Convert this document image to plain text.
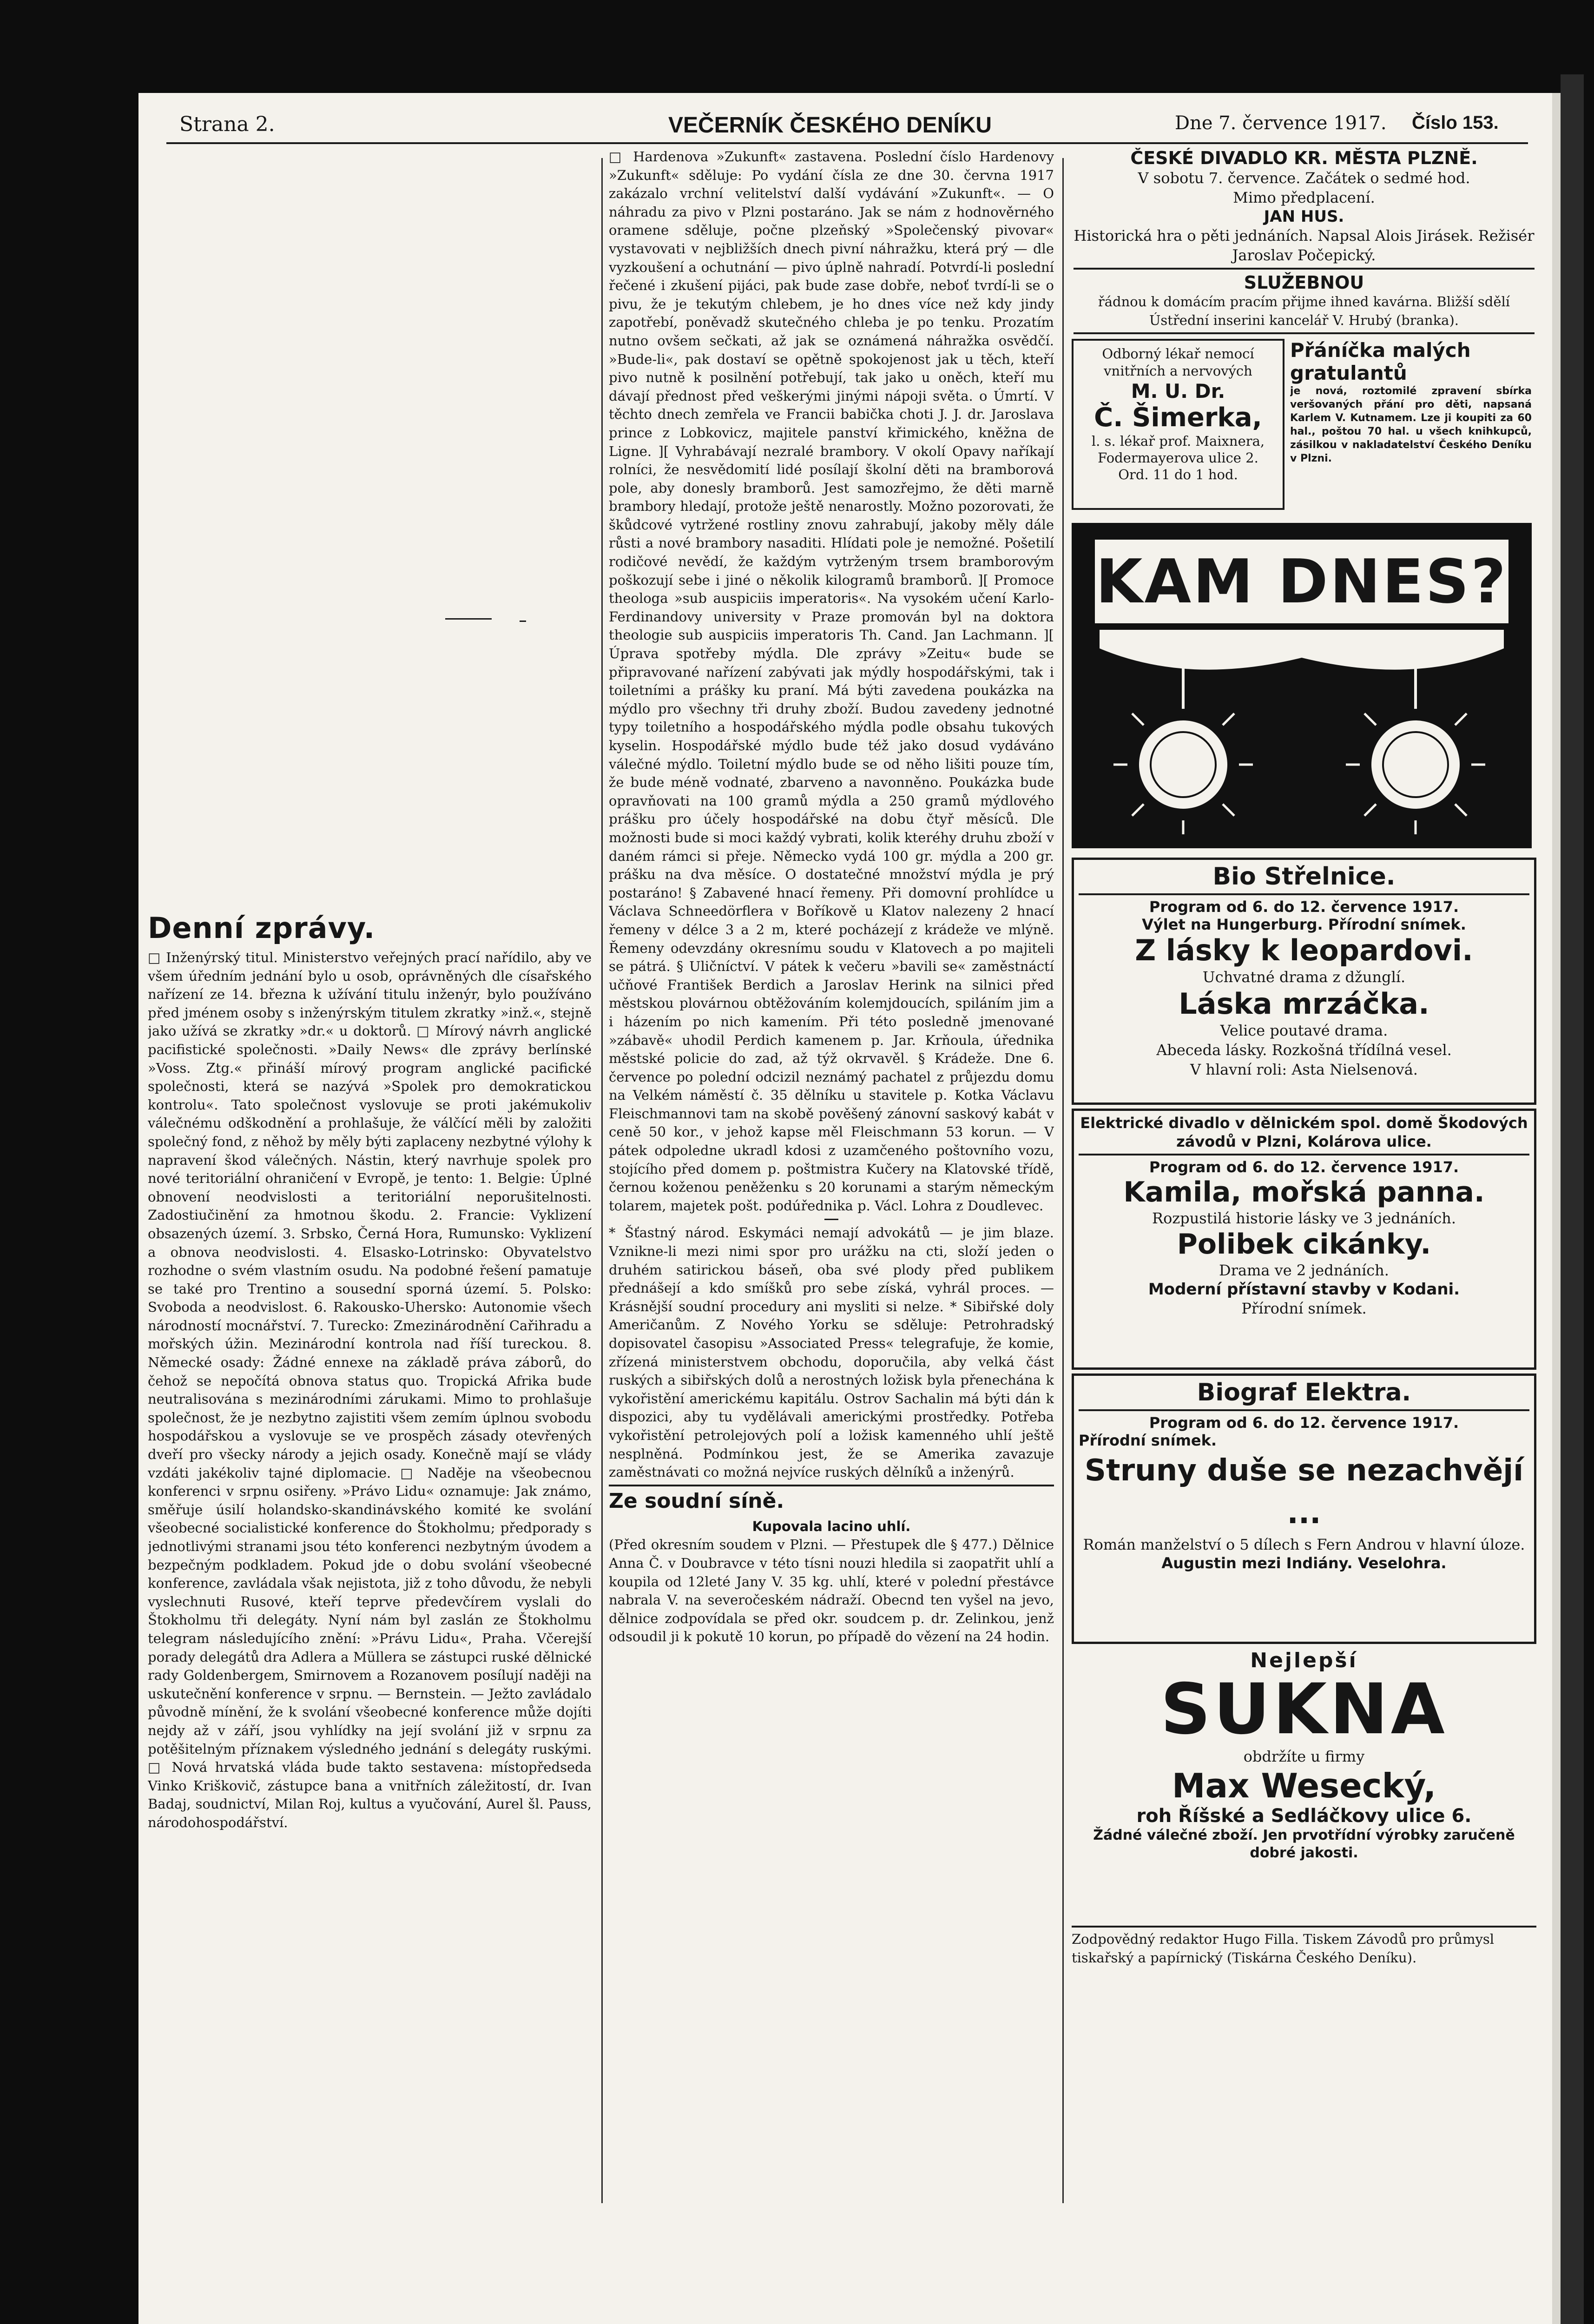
Strana 2.	VEČERNÍK ČESKÉHO DENÍKU	Dne 7. července 1917. Číslo 153.
Denní zprávy.

□ Inženýrský titul. Ministerstvo veřejných prací nařídilo, aby ve všem úředním jednání bylo u osob, oprávněných dle císařského nařízení ze 14. března k užívání titulu inženýr, bylo používáno před jménem osoby s inženýrským titulem zkratky »inž.«, stejně jako užívá se zkratky »dr.« u doktorů. □ Mírový návrh anglické pacifistické společnosti. »Daily News« dle zprávy berlínské »Voss. Ztg.« přináší mírový program anglické pacifické společnosti, která se nazývá »Spolek pro demokratickou kontrolu«. Tato společnost vyslovuje se proti jakémukoliv válečnému odškodnění a prohlašuje, že válčící měli by založiti společný fond, z něhož by měly býti zaplaceny nezbytné výlohy k napravení škod válečných. Nástin, který navrhuje spolek pro nové teritoriální ohraničení v Evropě, je tento: 1. Belgie: Úplné obnovení neodvislosti a teritoriální neporušitelnosti. Zadostiučinění za hmotnou škodu. 2. Francie: Vyklizení obsazených území. 3. Srbsko, Černá Hora, Rumunsko: Vyklizení a obnova neodvislosti. 4. Elsasko-Lotrinsko: Obyvatelstvo rozhodne o svém vlastním osudu. Na podobné řešení pamatuje se také pro Trentino a sousední sporná území. 5. Polsko: Svoboda a neodvislost. 6. Rakousko-Uhersko: Autonomie všech národností mocnářství. 7. Turecko: Zmezinárodnění Cařihradu a mořských úžin. Mezinárodní kontrola nad říší tureckou. 8. Německé osady: Žádné ennexe na základě práva záborů, do čehož se nepočítá obnova status quo. Tropická Afrika bude neutralisována s mezinárodními zárukami. Mimo to prohlašuje společnost, že je nezbytno zajistiti všem zemím úplnou svobodu hospodářskou a vyslovuje se ve prospěch zásady otevřených dveří pro všecky národy a jejich osady. Konečně mají se vlády vzdáti jakékoliv tajné diplomacie. □ Naděje na všeobecnou konferenci v srpnu osiřeny. »Právo Lidu« oznamuje: Jak známo, směřuje úsilí holandsko-skandinávského komité ke svolání všeobecné socialistické konference do Štokholmu; předporady s jednotlivými stranami jsou této konferenci nezbytným úvodem a bezpečným podkladem. Pokud jde o dobu svolání všeobecné konference, zavládala však nejistota, již z toho důvodu, že nebyli vyslechnuti Rusové, kteří teprve předevčírem vyslali do Štokholmu tři delegáty. Nyní nám byl zaslán ze Štokholmu telegram následujícího znění: »Právu Lidu«, Praha. Včerejší porady delegátů dra Adlera a Müllera se zástupci ruské dělnické rady Goldenbergem, Smirnovem a Rozanovem posílují naději na uskutečnění konference v srpnu. — Bernstein. — Ježto zavládalo původně mínění, že k svolání všeobecné konference může dojíti nejdy až v září, jsou vyhlídky na její svolání již v srpnu za potěšitelným příznakem výsledného jednání s delegáty ruskými. □ Nová hrvatská vláda bude takto sestavena: místopředseda Vinko Kriškovič, zástupce bana a vnitřních záležitostí, dr. Ivan Badaj, soudnictví, Milan Roj, kultus a vyučování, Aurel šl. Pauss, národohospodářství.

□ Hardenova »Zukunft« zastavena. Poslední číslo Hardenovy »Zukunft« sděluje: Po vydání čísla ze dne 30. června 1917 zakázalo vrchní velitelství další vydávání »Zukunft«. — O náhradu za pivo v Plzni postaráno. Jak se nám z hodnověrného oramene sděluje, počne plzeňský »Společenský pivovar« vystavovati v nejbližších dnech pivní náhražku, která prý — dle vyzkoušení a ochutnání — pivo úplně nahradí. Potvrdí-li poslední řečené i zkušení pijáci, pak bude zase dobře, neboť tvrdí-li se o pivu, že je tekutým chlebem, je ho dnes více než kdy jindy zapotřebí, poněvadž skutečného chleba je po tenku. Prozatím nutno ovšem sečkati, až jak se oznámená náhražka osvědčí. »Bude-li«, pak dostaví se opětně spokojenost jak u těch, kteří pivo nutně k posilnění potřebují, tak jako u oněch, kteří mu dávají přednost před veškerými jinými nápoji světa. o Úmrtí. V těchto dnech zemřela ve Francii babička choti J. J. dr. Jaroslava prince z Lobkovicz, majitele panství křimického, kněžna de Ligne. ][ Vyhrabávají nezralé brambory. V okolí Opavy naříkají rolníci, že nesvědomití lidé posílají školní děti na bramborová pole, aby donesly bramborů. Jest samozřejmo, že děti marně brambory hledají, protože ještě nenarostly. Možno pozorovati, že škůdcové vytržené rostliny znovu zahrabují, jakoby měly dále růsti a nové brambory nasaditi. Hlídati pole je nemožné. Pošetilí rodičové nevědí, že každým vytrženým trsem bramborovým poškozují sebe i jiné o několik kilogramů bramborů. ][ Promoce theologa »sub auspiciis imperatoris«. Na vysokém učení Karlo-Ferdinandovy university v Praze promován byl na doktora theologie sub auspiciis imperatoris Th. Cand. Jan Lachmann. ][ Úprava spotřeby mýdla. Dle zprávy »Zeitu« bude se připravované nařízení zabývati jak mýdly hospodářskými, tak i toiletními a prášky ku praní. Má býti zavedena poukázka na mýdlo pro všechny tři druhy zboží. Budou zavedeny jednotné typy toiletního a hospodářského mýdla podle obsahu tukových kyselin. Hospodářské mýdlo bude též jako dosud vydáváno válečné mýdlo. Toiletní mýdlo bude se od něho lišiti pouze tím, že bude méně vodnaté, zbarveno a navonněno. Poukázka bude opravňovati na 100 gramů mýdla a 250 gramů mýdlového prášku pro účely hospodářské na dobu čtyř měsíců. Dle možnosti bude si moci každý vybrati, kolik kteréhy druhu zboží v daném rámci si přeje. Německo vydá 100 gr. mýdla a 200 gr. prášku na dva měsíce. O dostatečné množství mýdla je prý postaráno! § Zabavené hnací řemeny. Při domovní prohlídce u Václava Schneedörflera v Boříkově u Klatov nalezeny 2 hnací řemeny v délce 3 a 2 m, které pocházejí z krádeže ve mlýně. Řemeny odevzdány okresnímu soudu v Klatovech a po majiteli se pátrá. § Uličníctví. V pátek k večeru »bavili se« zaměstnáctí učňové František Berdich a Jaroslav Herink na silnici před městskou plovárnou obtěžováním kolemjdoucích, spiláním jim a i házením po nich kamením. Při této posledně jmenované »zábavě« uhodil Perdich kamenem p. Jar. Krňoula, úřednika městské policie do zad, až týž okrvavěl. § Krádeže. Dne 6. července po polední odcizil neznámý pachatel z průjezdu domu na Velkém náměstí č. 35 dělníku u stavitele p. Kotka Václavu Fleischmannovi tam na skobě pověšený zánovní saskový kabát v ceně 50 kor., v jehož kapse měl Fleischmann 53 korun. — V pátek odpoledne ukradl kdosi z uzamčeného poštovního vozu, stojícího před domem p. poštmistra Kučery na Klatovské třídě, černou koženou peněženku s 20 korunami a starým německým tolarem, majetek pošt. podúřednika p. Václ. Lohra z Doudlevec.

* Šťastný národ. Eskymáci nemají advokátů — je jim blaze. Vznikne-li mezi nimi spor pro urážku na cti, složí jeden o druhém satirickou báseň, oba své plody před publikem přednášejí a kdo smíšků pro sebe získá, vyhrál proces. — Krásnější soudní procedury ani mysliti si nelze. * Sibiřské doly Američanům. Z Nového Yorku se sděluje: Petrohradský dopisovatel časopisu »Associated Press« telegrafuje, že komie, zřízená ministerstvem obchodu, doporučila, aby velká část ruských a sibiřských dolů a nerostných ložisk byla přenechána k vykořistění americkému kapitálu. Ostrov Sachalin má býti dán k dispozici, aby tu vydělávali americkými prostředky. Potřeba vykořistění petrolejových polí a ložisk kamenného uhlí ještě nesplněná. Podmínkou jest, že se Amerika zavazuje zaměstnávati co možná nejvíce ruských dělníků a inženýrů.

Ze soudní síně.
Kupovala lacino uhlí.

(Před okresním soudem v Plzni. — Přestupek dle § 477.) Dělnice Anna Č. v Doubravce v této tísni nouzi hledila si zaopatřit uhlí a koupila od 12leté Jany V. 35 kg. uhlí, které v polední přestávce nabrala V. na severočeském nádraží. Obecnd ten vyšel na jevo, dělnice zodpovídala se před okr. soudcem p. dr. Zelinkou, jenž odsoudil ji k pokutě 10 korun, po případě do vězení na 24 hodin.

ČESKÉ DIVADLO KR. MĚSTA PLZNĚ.
V sobotu 7. července. Začátek o sedmé hod.
Mimo předplacení.
JAN HUS.
Historická hra o pěti jednáních. Napsal Alois Jirásek. Režisér Jaroslav Počepický.
SLUŽEBNOU

řádnou k domácím pracím přijme ihned kavárna. Bližší sdělí Ústřední inserini kancelář V. Hrubý (branka).

Odborný lékař nemocí vnitřních a nervových
M. U. Dr.
Č. Šimerka,
l. s. lékař prof. Maixnera,
Fodermayerova ulice 2.
Ord. 11 do 1 hod.
Přáníčka malých gratulantů

je nová, roztomilé zpravení sbírka veršovaných přání pro děti, napsaná Karlem V. Kutnamem. Lze ji koupiti za 60 hal., poštou 70 hal. u všech knihkupců, zásilkou v nakladatelství Českého Deníku v Plzni.

KAM DNES?
Bio Střelnice.
Program od 6. do 12. července 1917.
Výlet na Hungerburg. Přírodní snímek.
Z lásky k leopardovi.
Uchvatné drama z džunglí.
Láska mrzáčka.
Velice poutavé drama.
Abeceda lásky. Rozkošná třídílná vesel.
V hlavní roli: Asta Nielsenová.
Elektrické divadlo v dělnickém spol. domě Škodových závodů v Plzni, Kolárova ulice.
Program od 6. do 12. července 1917.
Kamila, mořská panna.
Rozpustilá historie lásky ve 3 jednáních.
Polibek cikánky.
Drama ve 2 jednáních.
Moderní přístavní stavby v Kodani.
Přírodní snímek.
Biograf Elektra.
Program od 6. do 12. července 1917.
Přírodní snímek.
Struny duše se nezachvějí ...
Román manželství o 5 dílech s Fern Androu v hlavní úloze.
Augustin mezi Indiány. Veselohra.
Nejlepší
SUKNA
obdržíte u firmy
Max Wesecký,
roh Říšské a Sedláčkovy ulice 6.
Žádné válečné zboží. Jen prvotřídní výrobky zaručeně dobré jakosti.

Zodpovědný redaktor Hugo Filla. Tiskem Závodů pro průmysl tiskařský a papírnický (Tiskárna Českého Deníku).
